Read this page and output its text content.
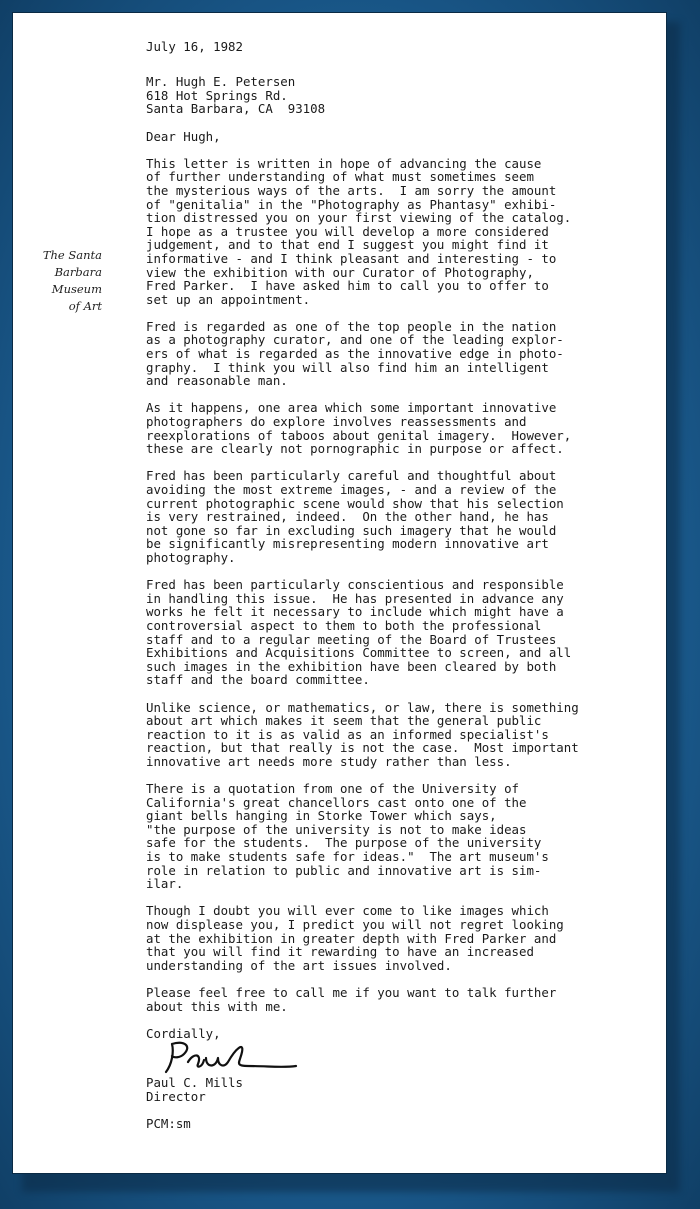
The Santa
Barbara
Museum
of Art
July 16, 1982
Mr. Hugh E. Petersen
618 Hot Springs Rd.
Santa Barbara, CA  93108
Dear Hugh,
This letter is written in hope of advancing the cause
of further understanding of what must sometimes seem
the mysterious ways of the arts.  I am sorry the amount
of "genitalia" in the "Photography as Phantasy" exhibi-
tion distressed you on your first viewing of the catalog.
I hope as a trustee you will develop a more considered
judgement, and to that end I suggest you might find it
informative - and I think pleasant and interesting - to
view the exhibition with our Curator of Photography,
Fred Parker.  I have asked him to call you to offer to
set up an appointment.
Fred is regarded as one of the top people in the nation
as a photography curator, and one of the leading explor-
ers of what is regarded as the innovative edge in photo-
graphy.  I think you will also find him an intelligent
and reasonable man.
As it happens, one area which some important innovative
photographers do explore involves reassessments and
reexplorations of taboos about genital imagery.  However,
these are clearly not pornographic in purpose or affect.
Fred has been particularly careful and thoughtful about
avoiding the most extreme images, - and a review of the
current photographic scene would show that his selection
is very restrained, indeed.  On the other hand, he has
not gone so far in excluding such imagery that he would
be significantly misrepresenting modern innovative art
photography.
Fred has been particularly conscientious and responsible
in handling this issue.  He has presented in advance any
works he felt it necessary to include which might have a
controversial aspect to them to both the professional
staff and to a regular meeting of the Board of Trustees
Exhibitions and Acquisitions Committee to screen, and all
such images in the exhibition have been cleared by both
staff and the board committee.
Unlike science, or mathematics, or law, there is something
about art which makes it seem that the general public
reaction to it is as valid as an informed specialist's
reaction, but that really is not the case.  Most important
innovative art needs more study rather than less.
There is a quotation from one of the University of
California's great chancellors cast onto one of the
giant bells hanging in Storke Tower which says,
"the purpose of the university is not to make ideas
safe for the students.  The purpose of the university
is to make students safe for ideas."  The art museum's
role in relation to public and innovative art is sim-
ilar.
Though I doubt you will ever come to like images which
now displease you, I predict you will not regret looking
at the exhibition in greater depth with Fred Parker and
that you will find it rewarding to have an increased
understanding of the art issues involved.
Please feel free to call me if you want to talk further
about this with me.
Cordially,
Paul C. Mills
Director
PCM:sm
